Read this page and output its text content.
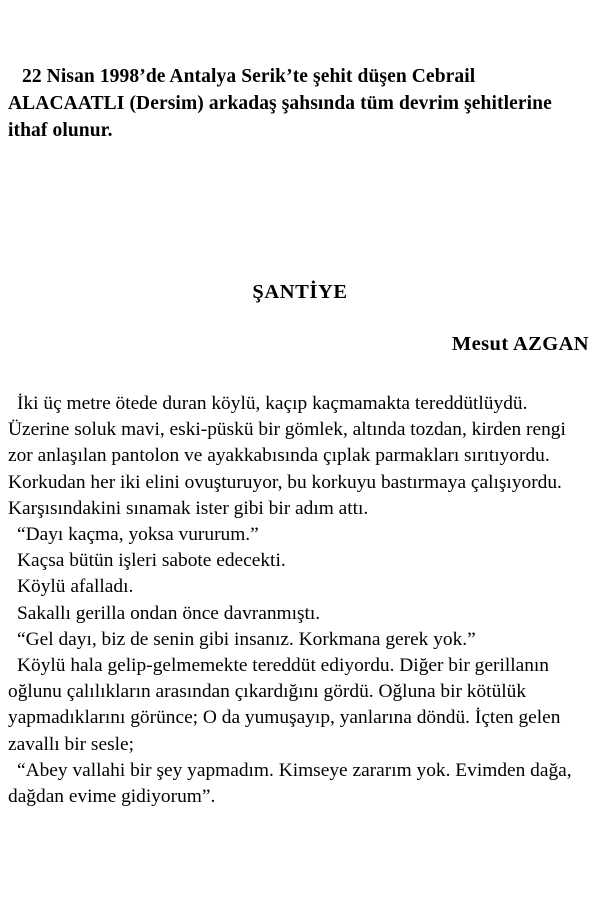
22 Nisan 1998’de Antalya Serik’te şehit düşen Cebrail ALACAATLI (Dersim) arkadaş şahsında tüm devrim şehitlerine ithaf olunur.
ŞANTİYE
Mesut AZGAN

İki üç metre ötede duran köylü, kaçıp kaçmamakta tereddütlüydü. Üzerine soluk mavi, eski-püskü bir gömlek, altında tozdan, kirden rengi zor anlaşılan pantolon ve ayakkabısında çıplak parmakları sırıtıyordu. Korkudan her iki elini ovuşturuyor, bu korkuyu bastırmaya çalışıyordu. Karşısındakini sınamak ister gibi bir adım attı.

“Dayı kaçma, yoksa vururum.”

Kaçsa bütün işleri sabote edecekti.

Köylü afalladı.

Sakallı gerilla ondan önce davranmıştı.

“Gel dayı, biz de senin gibi insanız. Korkmana gerek yok.”

Köylü hala gelip-gelmemekte tereddüt ediyordu. Diğer bir gerillanın oğlunu çalılıkların arasından çıkardığını gördü. Oğluna bir kötülük yapmadıklarını görünce; O da yumuşayıp, yanlarına döndü. İçten gelen zavallı bir sesle;

“Abey vallahi bir şey yapmadım. Kimseye zararım yok. Evimden dağa, dağdan evime gidiyorum”.
